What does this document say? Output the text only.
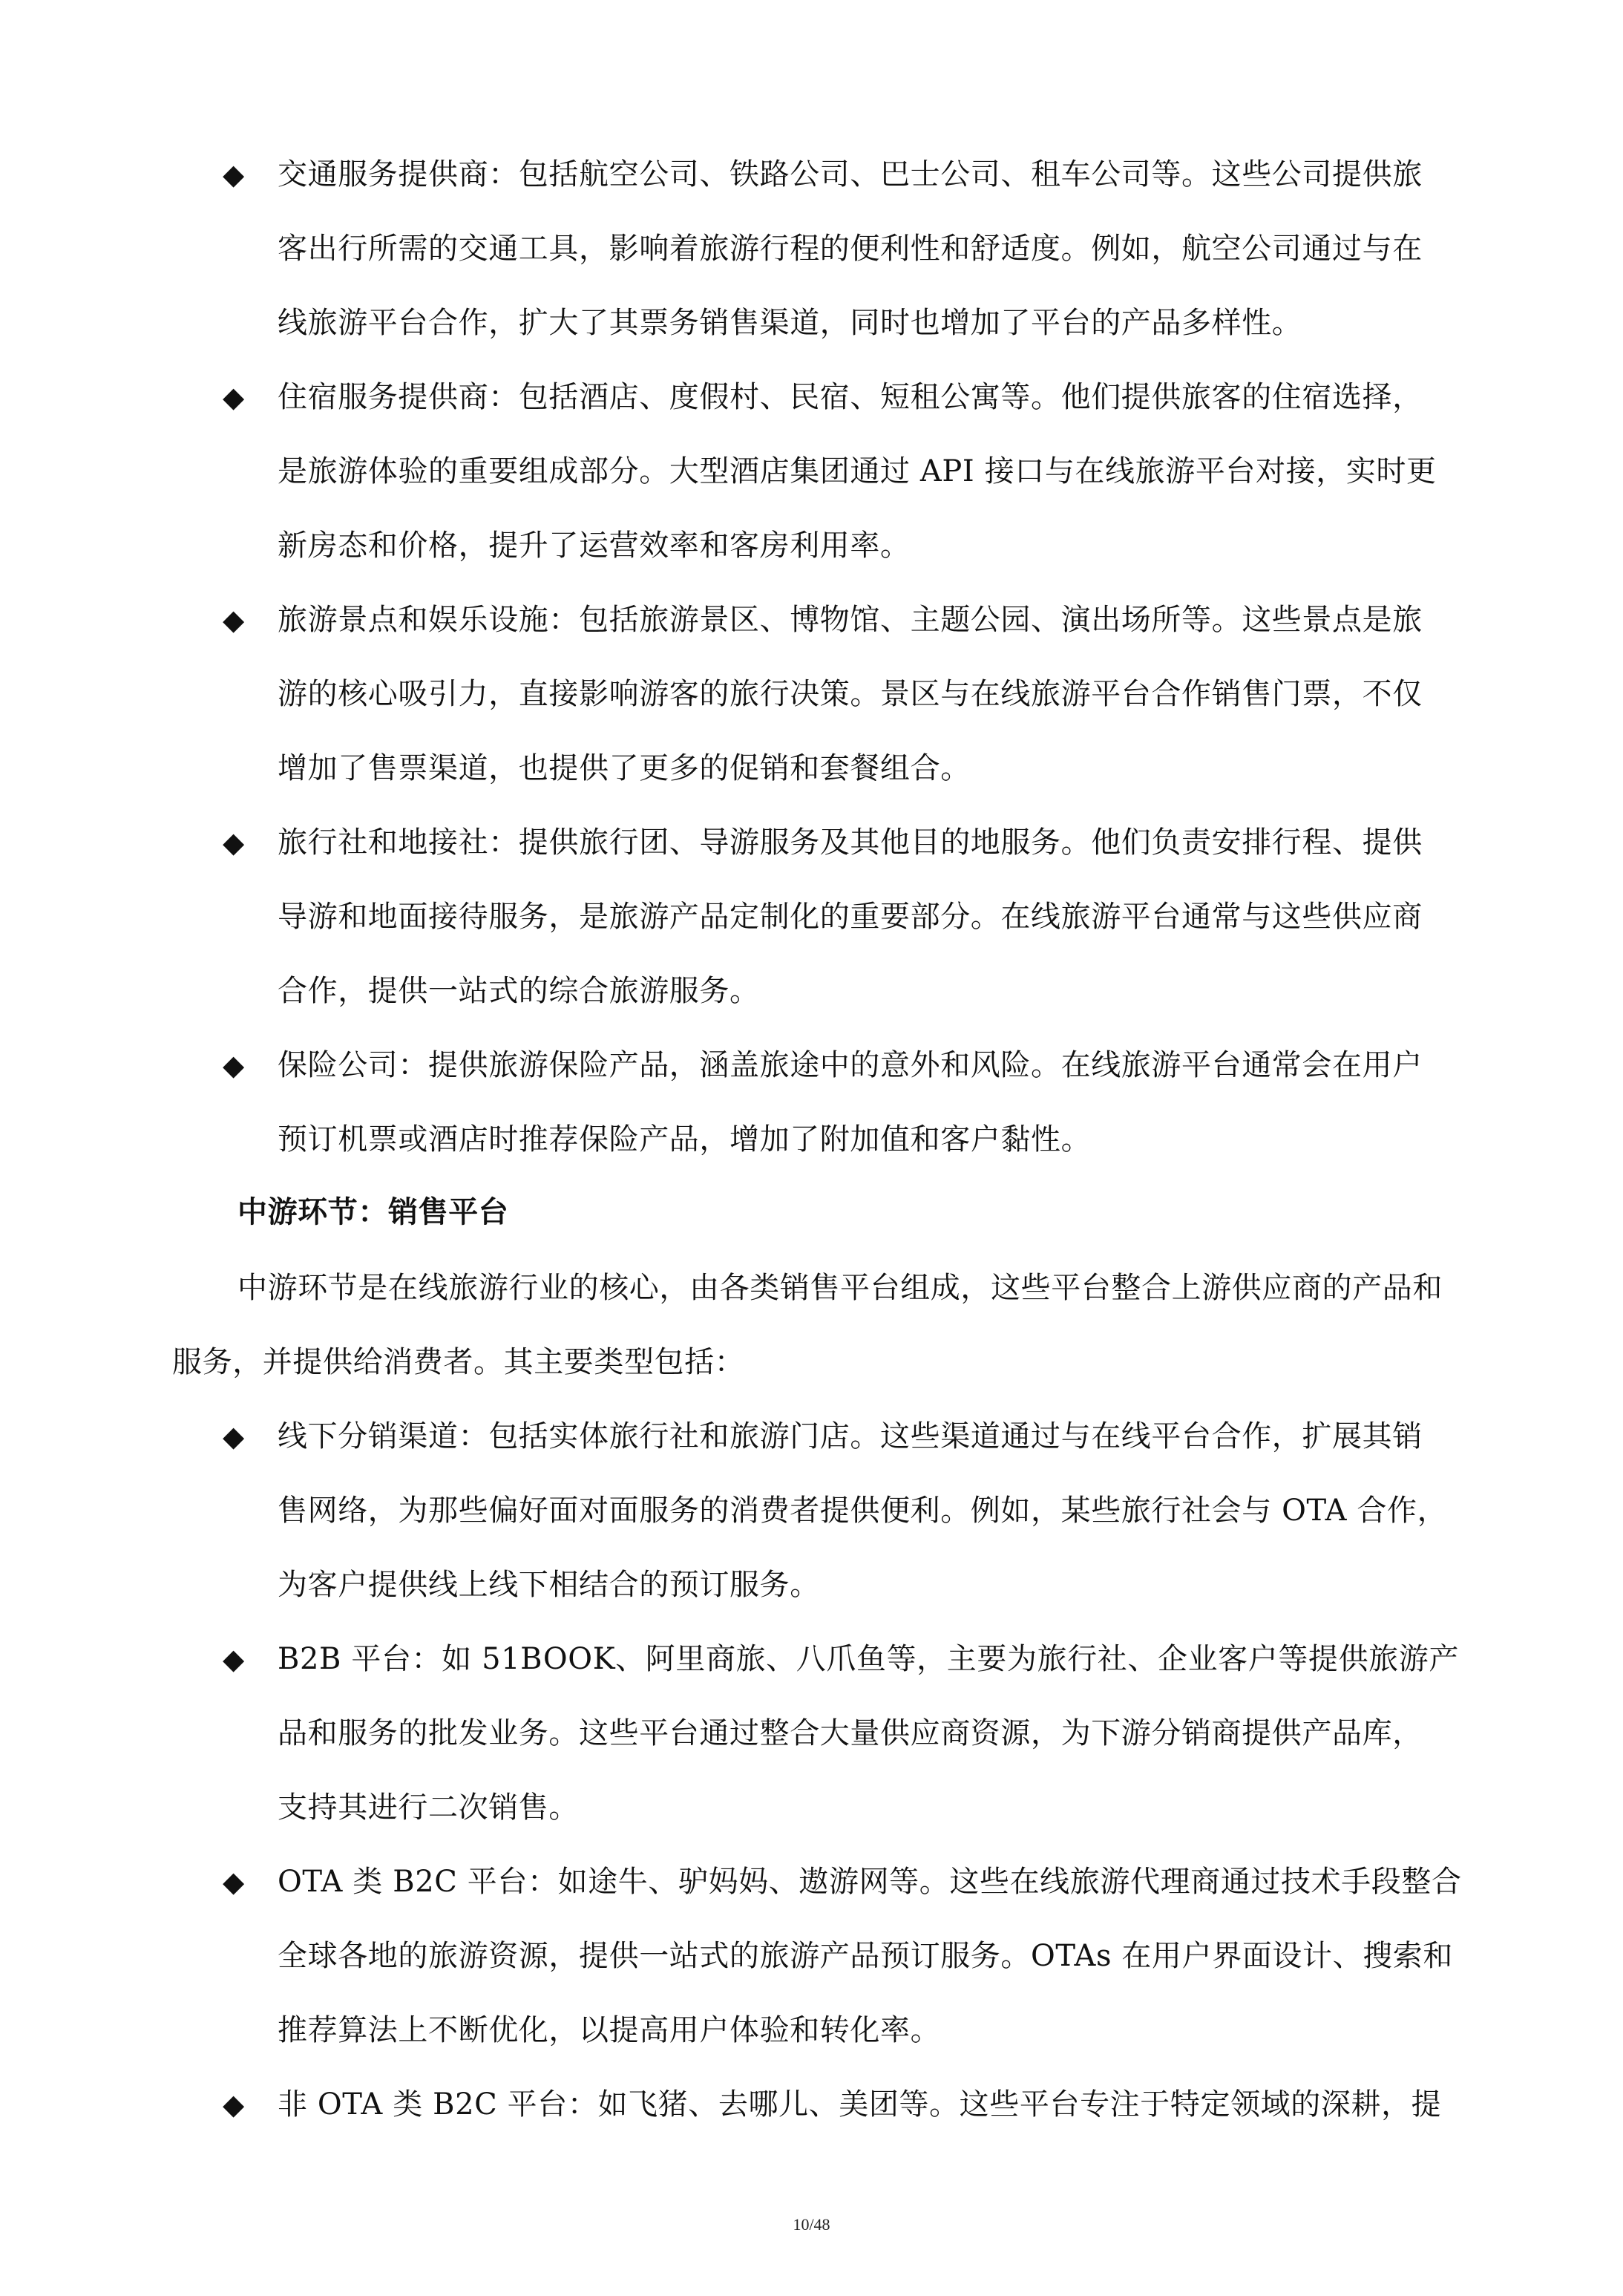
◆	交通服务提供商：包括航空公司、铁路公司、巴士公司、租车公司等。这些公司提供旅
客出行所需的交通工具，影响着旅游行程的便利性和舒适度。例如，航空公司通过与在
线旅游平台合作，扩大了其票务销售渠道，同时也增加了平台的产品多样性。
◆	住宿服务提供商：包括酒店、度假村、民宿、短租公寓等。他们提供旅客的住宿选择，
是旅游体验的重要组成部分。大型酒店集团通过 API 接口与在线旅游平台对接，实时更
新房态和价格，提升了运营效率和客房利用率。
◆	旅游景点和娱乐设施：包括旅游景区、博物馆、主题公园、演出场所等。这些景点是旅
游的核心吸引力，直接影响游客的旅行决策。景区与在线旅游平台合作销售门票，不仅
增加了售票渠道，也提供了更多的促销和套餐组合。
◆	旅行社和地接社：提供旅行团、导游服务及其他目的地服务。他们负责安排行程、提供
导游和地面接待服务，是旅游产品定制化的重要部分。在线旅游平台通常与这些供应商
合作，提供一站式的综合旅游服务。
◆	保险公司：提供旅游保险产品，涵盖旅途中的意外和风险。在线旅游平台通常会在用户
预订机票或酒店时推荐保险产品，增加了附加值和客户黏性。
中游环节：销售平台
中游环节是在线旅游行业的核心，由各类销售平台组成，这些平台整合上游供应商的产品和
服务，并提供给消费者。其主要类型包括：
◆	线下分销渠道：包括实体旅行社和旅游门店。这些渠道通过与在线平台合作，扩展其销
售网络，为那些偏好面对面服务的消费者提供便利。例如，某些旅行社会与 OTA 合作，
为客户提供线上线下相结合的预订服务。
◆	B2B 平台：如 51BOOK、阿里商旅、八爪鱼等，主要为旅行社、企业客户等提供旅游产
品和服务的批发业务。这些平台通过整合大量供应商资源，为下游分销商提供产品库，
支持其进行二次销售。
◆	OTA 类 B2C 平台：如途牛、驴妈妈、遨游网等。这些在线旅游代理商通过技术手段整合
全球各地的旅游资源，提供一站式的旅游产品预订服务。OTAs 在用户界面设计、搜索和
推荐算法上不断优化，以提高用户体验和转化率。
◆	非 OTA 类 B2C 平台：如飞猪、去哪儿、美团等。这些平台专注于特定领域的深耕，提
10/48
